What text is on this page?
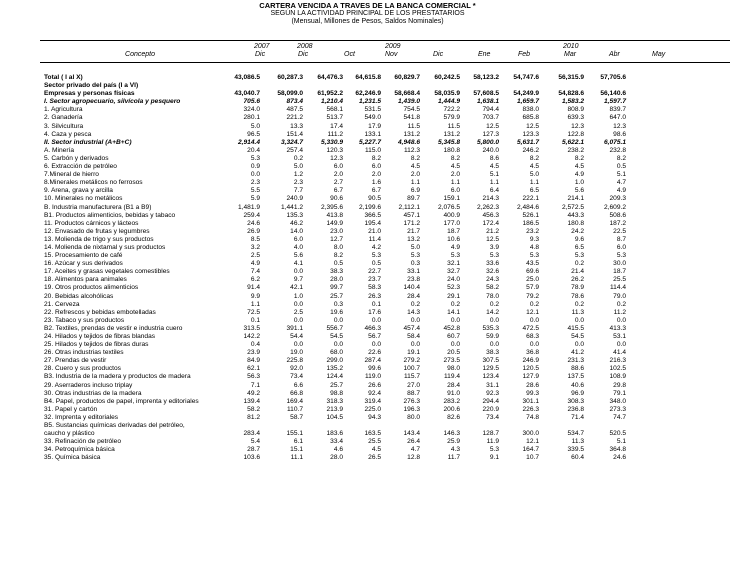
CARTERA VENCIDA A TRAVES DE LA BANCA COMERCIAL *
SEGÚN LA ACTIVIDAD PRINCIPAL DE LOS PRESTATARIOS
(Mensual, Millones de Pesos, Saldos Nominales)
2007	2008	2009	2010
Dic	Dic	Oct	Nov	Dic	Ene	Feb	Mar	Abr	May
Concepto
Total ( I al X)	43,086.5	60,287.3	64,476.3	64,615.8	60,829.7	60,242.5	58,123.2	54,747.6	56,315.9	57,705.6
Sector privado del país (I a VI)
Empresas y personas físicas	43,040.7	58,099.0	61,952.2	62,246.9	58,668.4	58,035.9	57,608.5	54,249.9	54,828.6	56,140.6
I. Sector agropecuario, silvícola y pesquero	705.6	873.4	1,210.4	1,231.5	1,439.0	1,444.9	1,638.1	1,659.7	1,583.2	1,597.7
1. Agricultura	324.0	487.5	568.1	531.5	754.5	722.2	794.4	838.0	808.9	839.7
2. Ganadería	280.1	221.2	513.7	549.0	541.8	579.9	703.7	685.8	639.3	647.0
3. Silvicultura	5.0	13.3	17.4	17.9	11.5	11.5	12.5	12.5	12.3	12.3
4. Caza y pesca	96.5	151.4	111.2	133.1	131.2	131.2	127.3	123.3	122.8	98.6
II. Sector industrial (A+B+C)	2,914.4	3,324.7	5,330.9	5,227.7	4,948.6	5,345.8	5,800.0	5,631.7	5,622.1	6,075.1
A. Minería	20.4	257.4	120.3	115.0	112.3	180.8	240.0	246.2	238.2	232.8
5. Carbón y derivados	5.3	0.2	12.3	8.2	8.2	8.2	8.6	8.2	8.2	8.2
6. Extracción de petróleo	0.9	5.0	6.0	6.0	4.5	4.5	4.5	4.5	4.5	0.5
7.Mineral de hierro	0.0	1.2	2.0	2.0	2.0	2.0	5.1	5.0	4.9	5.1
8.Minerales metálicos no ferrosos	2.3	2.3	2.7	1.6	1.1	1.1	1.1	1.1	1.0	4.7
9. Arena, grava y arcilla	5.5	7.7	6.7	6.7	6.9	6.0	6.4	6.5	5.6	4.9
10. Minerales no metálicos	5.9	240.9	90.6	90.5	89.7	159.1	214.3	222.1	214.1	209.3
B. Industria manufacturera (B1 a B9)	1,481.9	1,441.2	2,395.6	2,199.6	2,112.1	2,076.5	2,262.3	2,484.6	2,572.5	2,609.2
B1. Productos alimenticios, bebidas y tabaco	259.4	135.3	413.8	366.5	457.1	400.9	456.3	526.1	443.3	508.6
11. Productos cárnicos y lácteos	24.6	46.2	149.9	195.4	171.2	177.0	172.4	186.5	180.8	187.2
12. Envasado de frutas y legumbres	26.9	14.0	23.0	21.0	21.7	18.7	21.2	23.2	24.2	22.5
13. Molienda de trigo y sus productos	8.5	6.0	12.7	11.4	13.2	10.6	12.5	9.3	9.6	8.7
14. Molienda de nixtamal y sus productos	3.2	4.0	8.0	4.2	5.0	4.9	3.9	4.8	6.5	6.0
15. Procesamiento de café	2.5	5.6	8.2	5.3	5.3	5.3	5.3	5.3	5.3	5.3
16. Azúcar y sus derivados	4.9	4.1	0.5	0.5	0.3	32.1	33.6	43.5	0.2	30.0
17. Aceites y grasas vegetales comestibles	7.4	0.0	38.3	22.7	33.1	32.7	32.6	69.6	21.4	18.7
18. Alimentos para animales	6.2	9.7	28.0	23.7	23.8	24.0	24.3	25.0	26.2	25.5
19. Otros productos alimenticios	91.4	42.1	99.7	58.3	140.4	52.3	58.2	57.9	78.9	114.4
20. Bebidas alcohólicas	9.9	1.0	25.7	26.3	28.4	29.1	78.0	79.2	78.6	79.0
21. Cerveza	1.1	0.0	0.3	0.1	0.2	0.2	0.2	0.2	0.2	0.2
22. Refrescos y bebidas embotelladas	72.5	2.5	19.6	17.6	14.3	14.1	14.2	12.1	11.3	11.2
23. Tabaco y sus productos	0.1	0.0	0.0	0.0	0.0	0.0	0.0	0.0	0.0	0.0
B2. Textiles, prendas de vestir e industria cuero	313.5	391.1	556.7	466.3	457.4	452.8	535.3	472.5	415.5	413.3
24. Hilados y tejidos de fibras blandas	142.2	54.4	54.5	56.7	58.4	60.7	59.9	68.3	54.5	53.1
25. Hilados y tejidos de fibras duras	0.4	0.0	0.0	0.0	0.0	0.0	0.0	0.0	0.0	0.0
26. Otras industrias textiles	23.9	19.0	68.0	22.6	19.1	20.5	38.3	36.8	41.2	41.4
27. Prendas de vestir	84.9	225.8	299.0	287.4	279.2	273.5	307.5	246.9	231.3	216.3
28. Cuero y sus productos	62.1	92.0	135.2	99.6	100.7	98.0	129.5	120.5	88.6	102.5
B3. Industria de la madera y productos de madera	56.3	73.4	124.4	119.0	115.7	119.4	123.4	127.9	137.5	108.9
29. Aserraderos incluso triplay	7.1	6.6	25.7	26.6	27.0	28.4	31.1	28.6	40.6	29.8
30. Otras industrias de la madera	49.2	66.8	98.8	92.4	88.7	91.0	92.3	99.3	96.9	79.1
B4. Papel, productos de papel, imprenta y editoriales	139.4	169.4	318.3	319.4	276.3	283.2	294.4	301.1	308.3	348.0
31. Papel y cartón	58.2	110.7	213.9	225.0	196.3	200.6	220.9	226.3	236.8	273.3
32. Imprenta y editoriales	81.2	58.7	104.5	94.3	80.0	82.6	73.4	74.8	71.4	74.7
B5. Sustancias químicas derivadas del petróleo,
caucho y plástico	283.4	155.1	183.6	163.5	143.4	146.3	128.7	300.0	534.7	520.5
33. Refinación de petróleo	5.4	6.1	33.4	25.5	26.4	25.9	11.9	12.1	11.3	5.1
34. Petroquímica básica	28.7	15.1	4.6	4.5	4.7	4.3	5.3	164.7	339.5	364.8
35. Química básica	103.6	11.1	28.0	26.5	12.8	11.7	9.1	10.7	60.4	24.6
